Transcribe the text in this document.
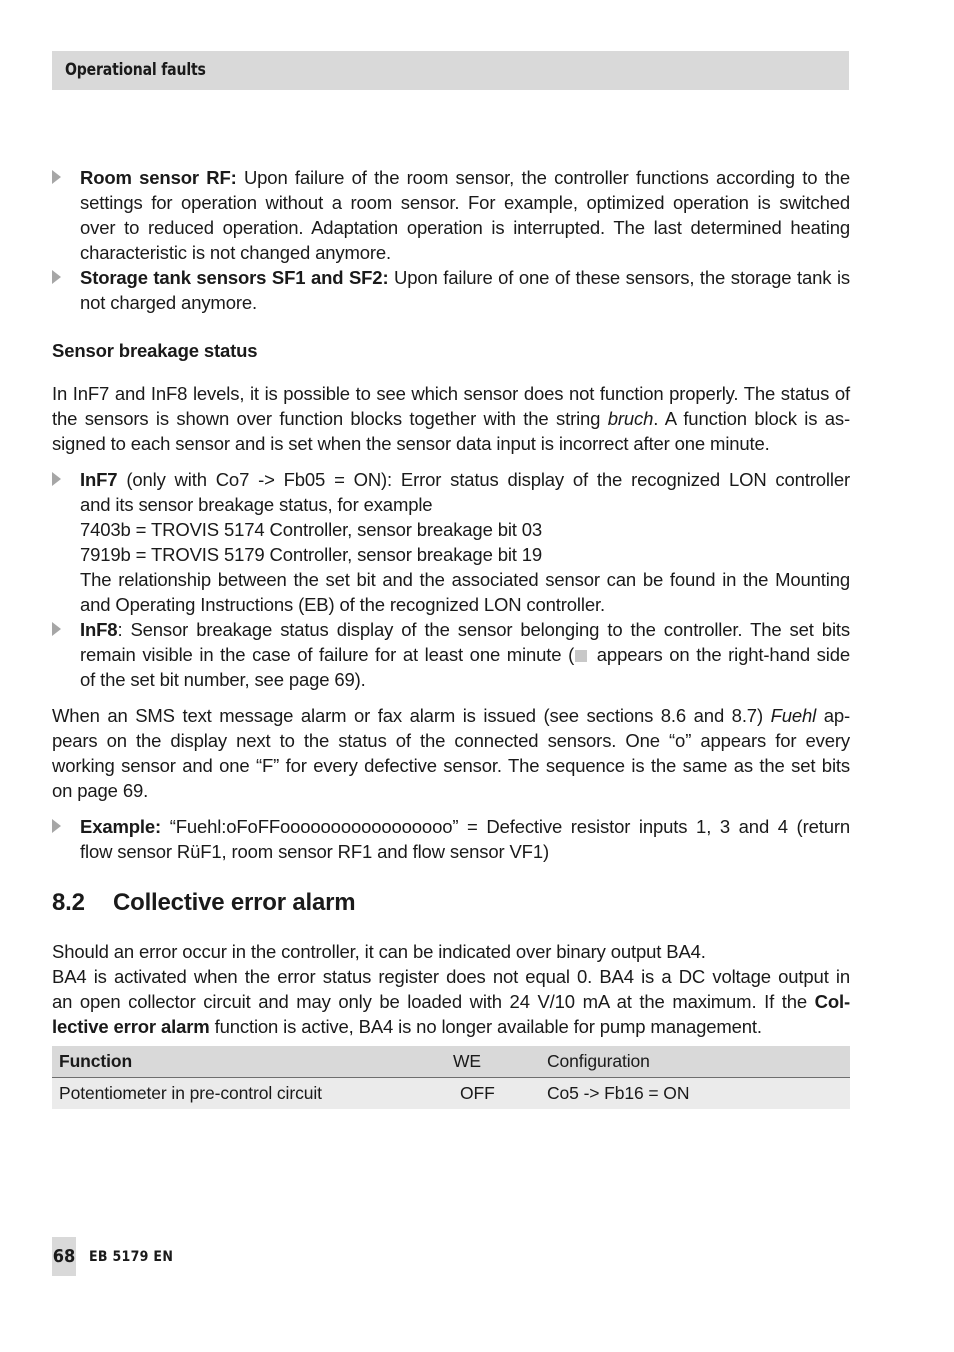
Operational faults
Room sensor RF: Upon failure of the room sensor, the controller functions according to the
settings for operation without a room sensor. For example, optimized operation is switched
over to reduced operation. Adaptation operation is interrupted. The last determined heating
characteristic is not changed anymore.
Storage tank sensors SF1 and SF2: Upon failure of one of these sensors, the storage tank is
not charged anymore.
Sensor breakage status
In InF7 and InF8 levels, it is possible to see which sensor does not function properly. The status of
the sensors is shown over function blocks together with the string bruch. A function block is as-
signed to each sensor and is set when the sensor data input is incorrect after one minute.
InF7 (only with Co7 -> Fb05 = ON): Error status display of the recognized LON controller
and its sensor breakage status, for example
7403b = TROVIS 5174 Controller, sensor breakage bit 03
7919b = TROVIS 5179 Controller, sensor breakage bit 19
The relationship between the set bit and the associated sensor can be found in the Mounting
and Operating Instructions (EB) of the recognized LON controller.
InF8: Sensor breakage status display of the sensor belonging to the controller. The set bits
remain visible in the case of failure for at least one minute ( appears on the right-hand side
of the set bit number, see page 69).
When an SMS text message alarm or fax alarm is issued (see sections 8.6 and 8.7) Fuehl ap-
pears on the display next to the status of the connected sensors. One “o” appears for every
working sensor and one “F” for every defective sensor. The sequence is the same as the set bits
on page 69.
Example: “Fuehl:oFoFFooooooooooooooooo” = Defective resistor inputs 1, 3 and 4 (return
flow sensor RüF1, room sensor RF1 and flow sensor VF1)
8.2 Collective error alarm
Should an error occur in the controller, it can be indicated over binary output BA4.
BA4 is activated when the error status register does not equal 0. BA4 is a DC voltage output in
an open collector circuit and may only be loaded with 24 V/10 mA at the maximum. If the Col-
lective error alarm function is active, BA4 is no longer available for pump management.
Function	WE	Configuration
Potentiometer in pre-control circuit	OFF	Co5 -> Fb16 = ON
68 EB 5179 EN
